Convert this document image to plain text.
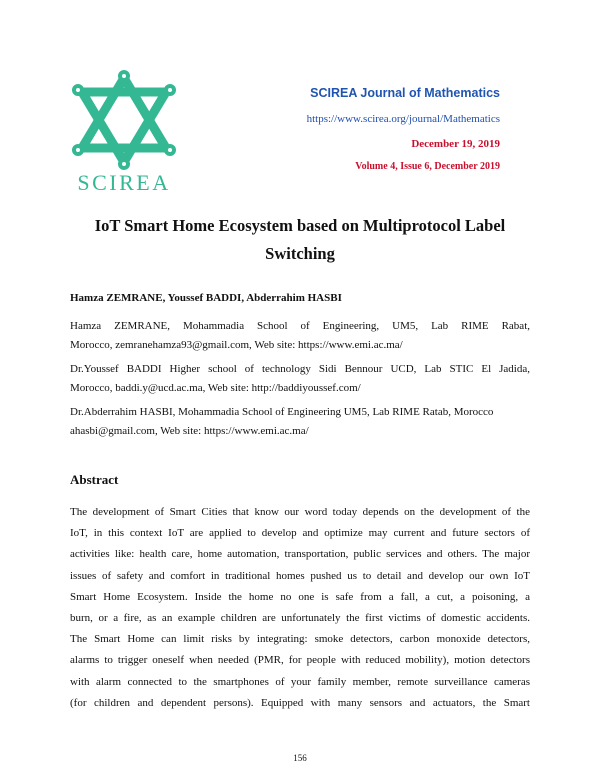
SCIREA
SCIREA Journal of Mathematics
https://www.scirea.org/journal/Mathematics
December 19, 2019
Volume 4, Issue 6, December 2019
IoT Smart Home Ecosystem based on Multiprotocol Label
Switching
Hamza ZEMRANE, Youssef BADDI, Abderrahim HASBI
Hamza ZEMRANE, Mohammadia School of Engineering, UM5, Lab RIME Rabat,
Morocco, zemranehamza93@gmail.com, Web site: https://www.emi.ac.ma/
Dr.Youssef BADDI Higher school of technology Sidi Bennour UCD, Lab STIC El Jadida,
Morocco, baddi.y@ucd.ac.ma, Web site: http://baddiyoussef.com/
Dr.Abderrahim HASBI, Mohammadia School of Engineering UM5, Lab RIME Ratab, Morocco
ahasbi@gmail.com, Web site: https://www.emi.ac.ma/
Abstract
The development of Smart Cities that know our word today depends on the development of the
IoT, in this context IoT are applied to develop and optimize may current and future sectors of
activities like: health care, home automation, transportation, public services and others. The major
issues of safety and comfort in traditional homes pushed us to detail and develop our own IoT
Smart Home Ecosystem. Inside the home no one is safe from a fall, a cut, a poisoning, a
burn, or a fire, as an example children are unfortunately the first victims of domestic accidents.
The Smart Home can limit risks by integrating: smoke detectors, carbon monoxide detectors,
alarms to trigger oneself when needed (PMR, for people with reduced mobility), motion detectors
with alarm connected to the smartphones of your family member, remote surveillance cameras
(for children and dependent persons). Equipped with many sensors and actuators, the Smart
156
